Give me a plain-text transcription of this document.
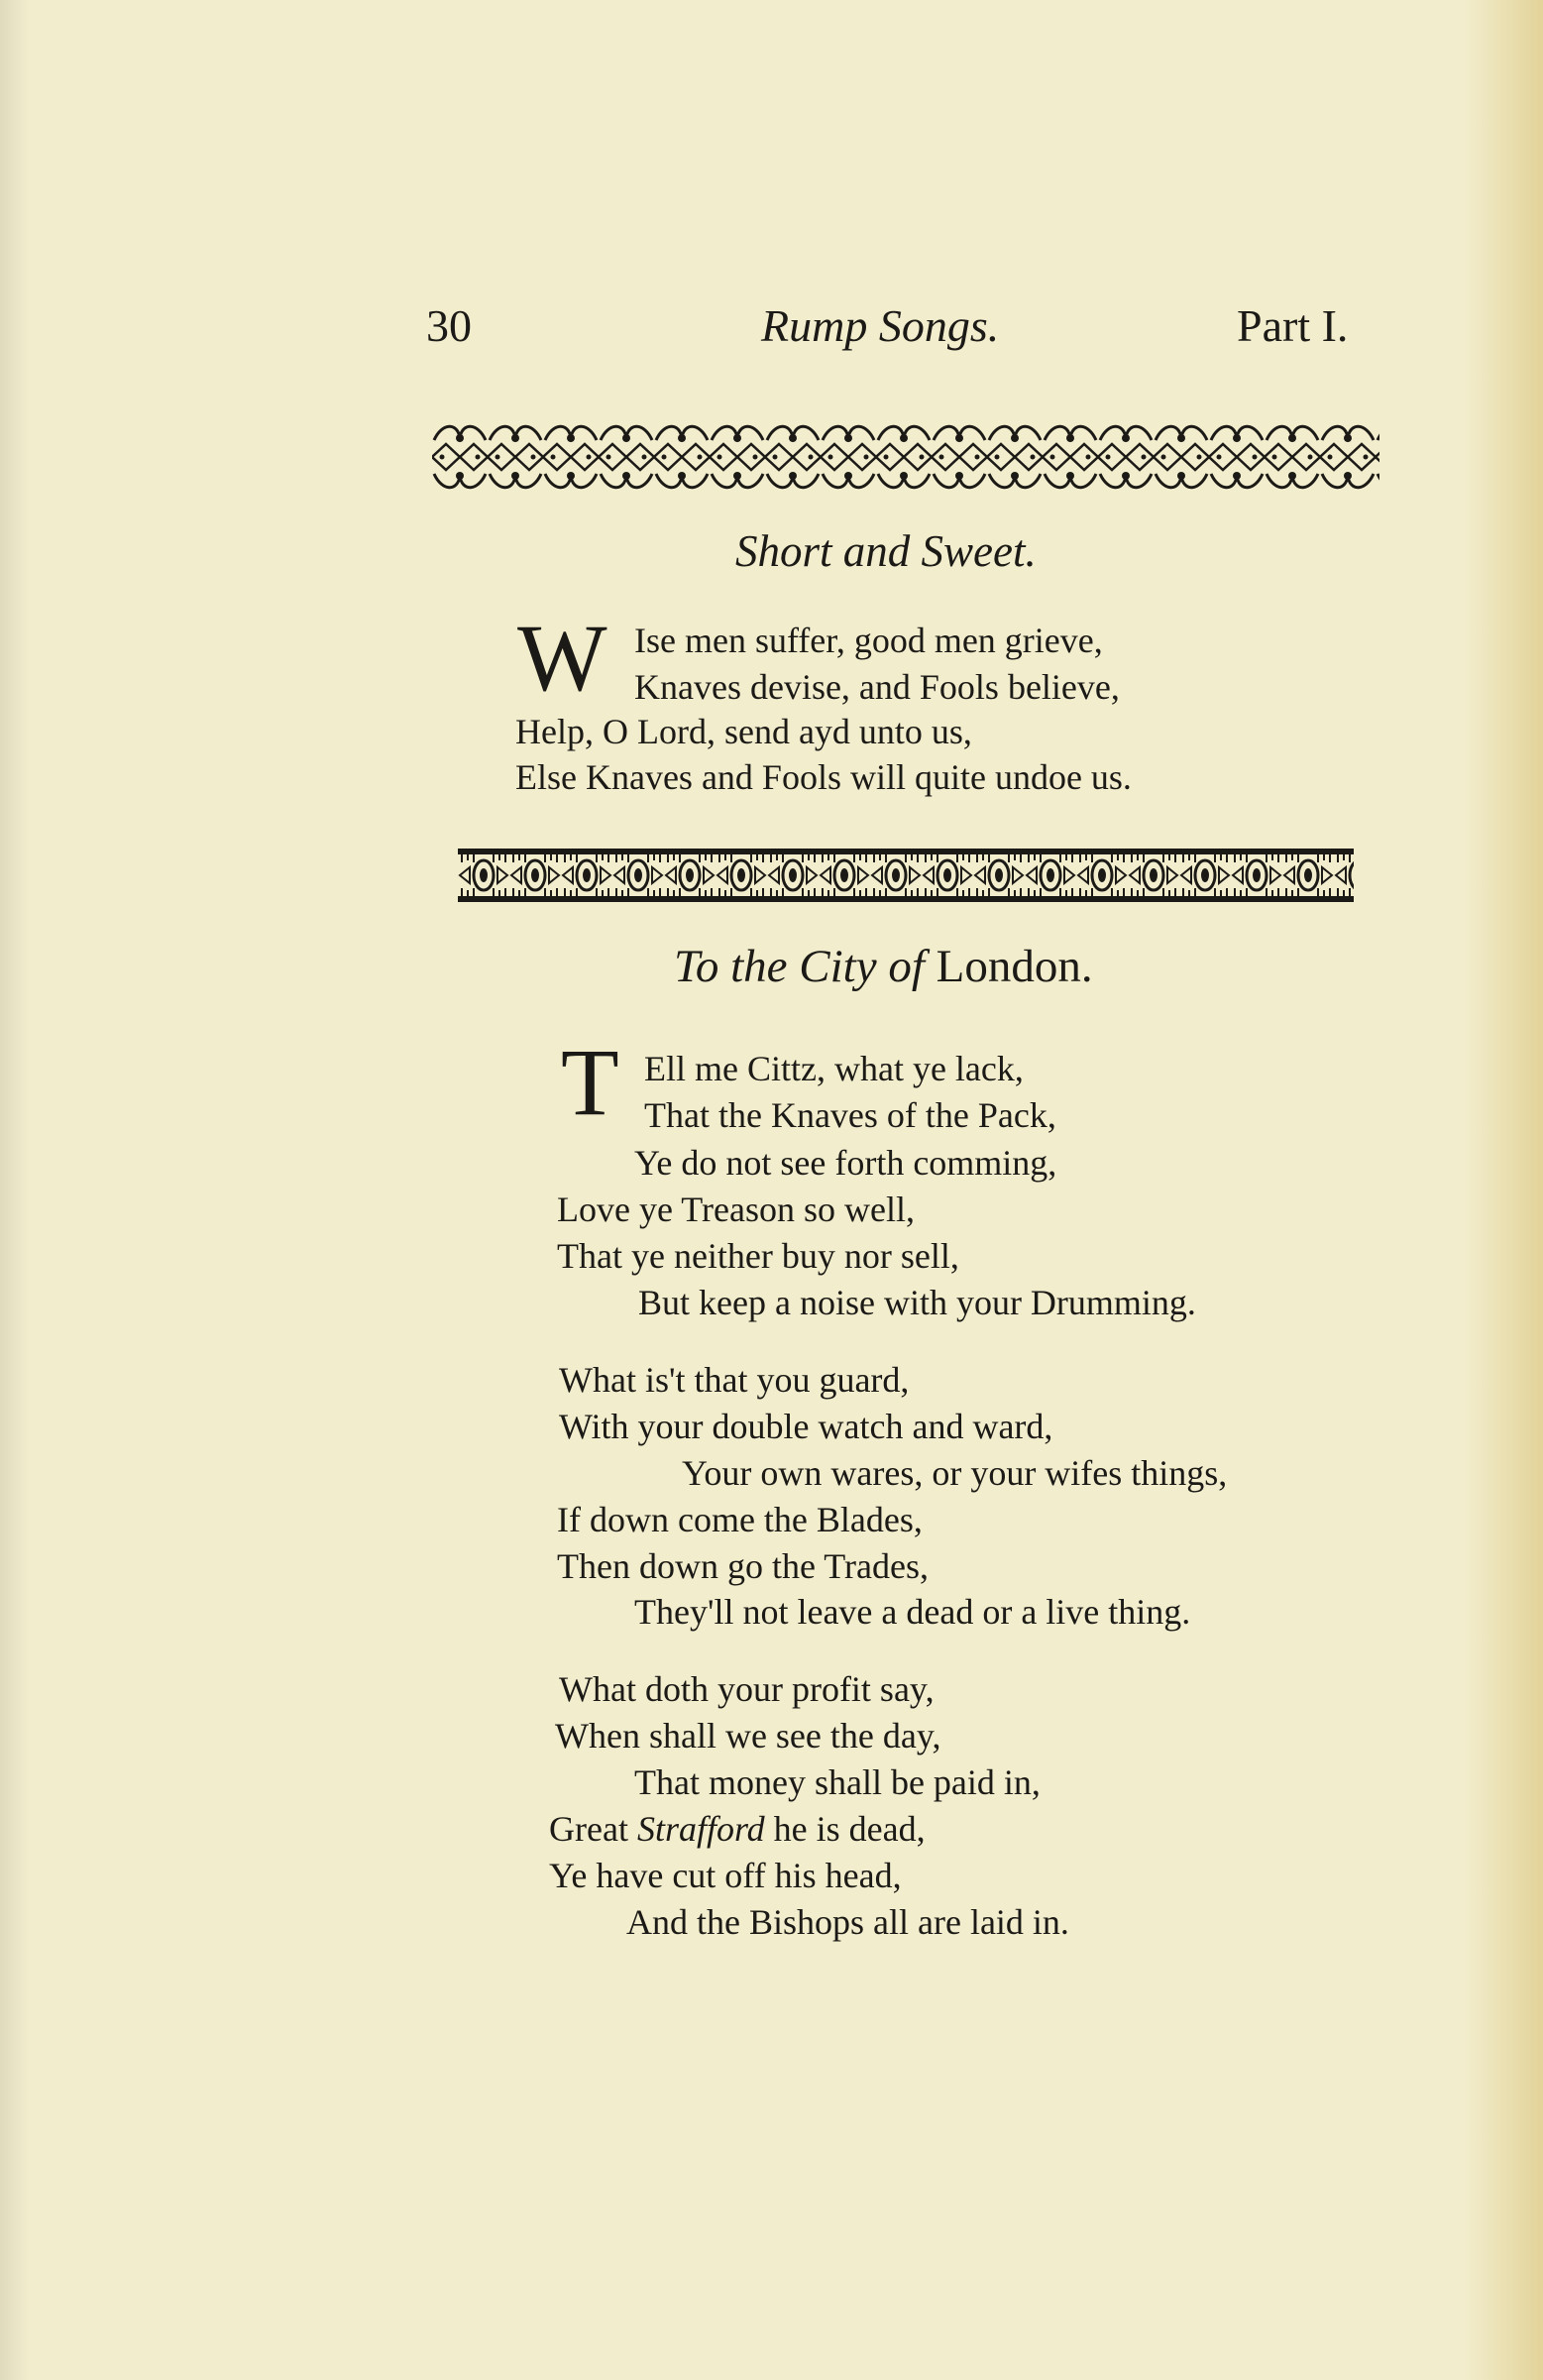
30	Rump Songs.	Part I.
Short and Sweet.
W Ise men suffer, good men grieve,
Knaves devise, and Fools believe,
Help, O Lord, send ayd unto us,
Else Knaves and Fools will quite undoe us.
To the City of London.
T Ell me Cittz, what ye lack,
That the Knaves of the Pack,
Ye do not see forth comming,
Love ye Treason so well,
That ye neither buy nor sell,
But keep a noise with your Drumming.
What is't that you guard,
With your double watch and ward,
Your own wares, or your wifes things,
If down come the Blades,
Then down go the Trades,
They'll not leave a dead or a live thing.
What doth your profit say,
When shall we see the day,
That money shall be paid in,
Great Strafford he is dead,
Ye have cut off his head,
And the Bishops all are laid in.
